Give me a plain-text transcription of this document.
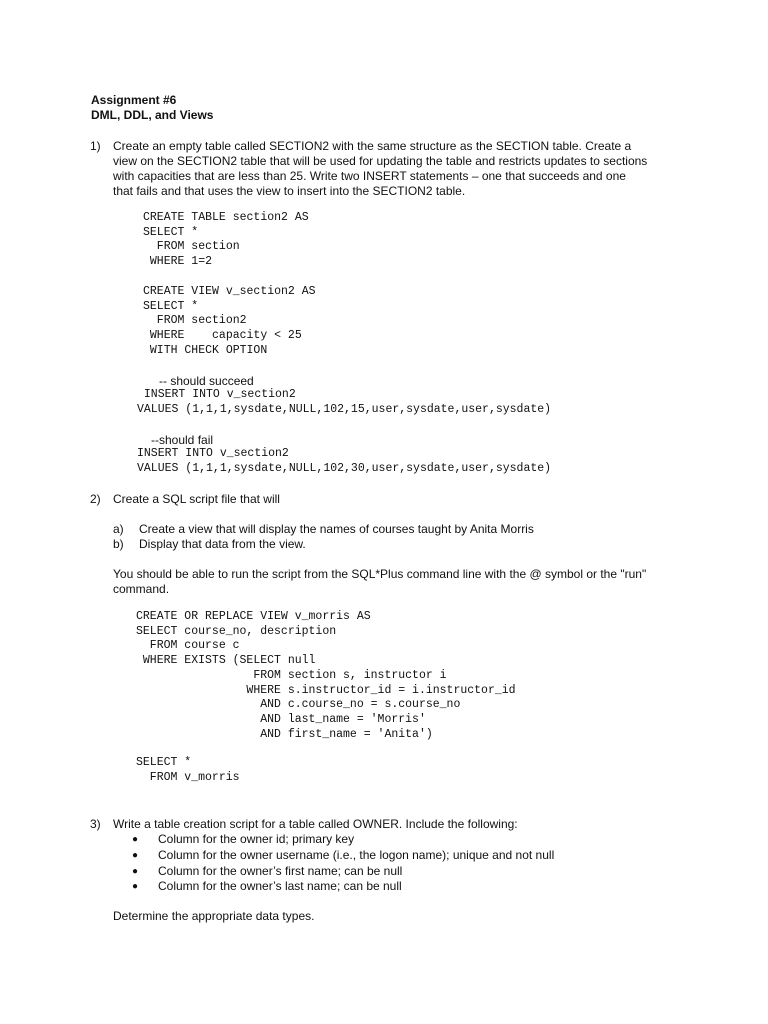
Assignment #6
DML, DDL, and Views
1) Create an empty table called SECTION2 with the same structure as the SECTION table. Create a
view on the SECTION2 table that will be used for updating the table and restricts updates to sections
with capacities that are less than 25. Write two INSERT statements – one that succeeds and one
that fails and that uses the view to insert into the SECTION2 table.
CREATE TABLE section2 AS
SELECT *
FROM section
WHERE 1=2
CREATE VIEW v_section2 AS
SELECT *
FROM section2
WHERE    capacity < 25
WITH CHECK OPTION
-- should succeed
INSERT INTO v_section2
VALUES (1,1,1,sysdate,NULL,102,15,user,sysdate,user,sysdate)
--should fail
INSERT INTO v_section2
VALUES (1,1,1,sysdate,NULL,102,30,user,sysdate,user,sysdate)
2) Create a SQL script file that will
a) Create a view that will display the names of courses taught by Anita Morris
b) Display that data from the view.
You should be able to run the script from the SQL*Plus command line with the @ symbol or the "run"
command.
CREATE OR REPLACE VIEW v_morris AS
SELECT course_no, description
FROM course c
WHERE EXISTS (SELECT null
FROM section s, instructor i
WHERE s.instructor_id = i.instructor_id
AND c.course_no = s.course_no
AND last_name = 'Morris'
AND first_name = 'Anita')
SELECT *
FROM v_morris
3) Write a table creation script for a table called OWNER. Include the following:
● Column for the owner id; primary key
● Column for the owner username (i.e., the logon name); unique and not null
● Column for the owner’s first name; can be null
● Column for the owner’s last name; can be null
Determine the appropriate data types.
